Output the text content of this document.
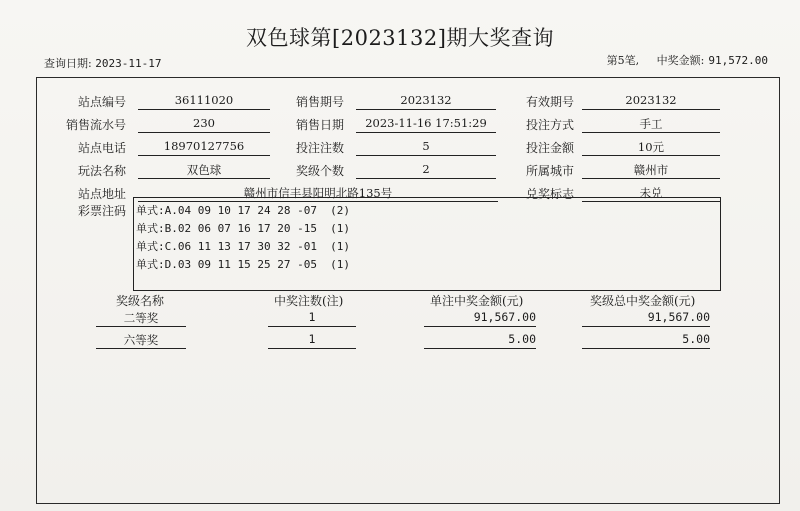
双色球第[2023132]期大奖查询
查询日期: 2023-11-17	第5笔, 中奖金额: 91,572.00
站点编号	36111020	销售期号	2023132	有效期号	2023132
销售流水号	230	销售日期	2023-11-16 17:51:29	投注方式	手工
站点电话	18970127756	投注注数	5	投注金额	10元
玩法名称	双色球	奖级个数	2	所属城市	赣州市
站点地址	赣州市信丰县阳明北路135号	兑奖标志	未兑
彩票注码 单式:A.04 09 10 17 24 28 -07  (2)
单式:B.02 06 07 16 17 20 -15  (1)
单式:C.06 11 13 17 30 32 -01  (1)
单式:D.03 09 11 15 25 27 -05  (1)
奖级名称	中奖注数(注)	单注中奖金额(元)	奖级总中奖金额(元)
二等奖	1	91,567.00	91,567.00
六等奖	1	5.00	5.00
